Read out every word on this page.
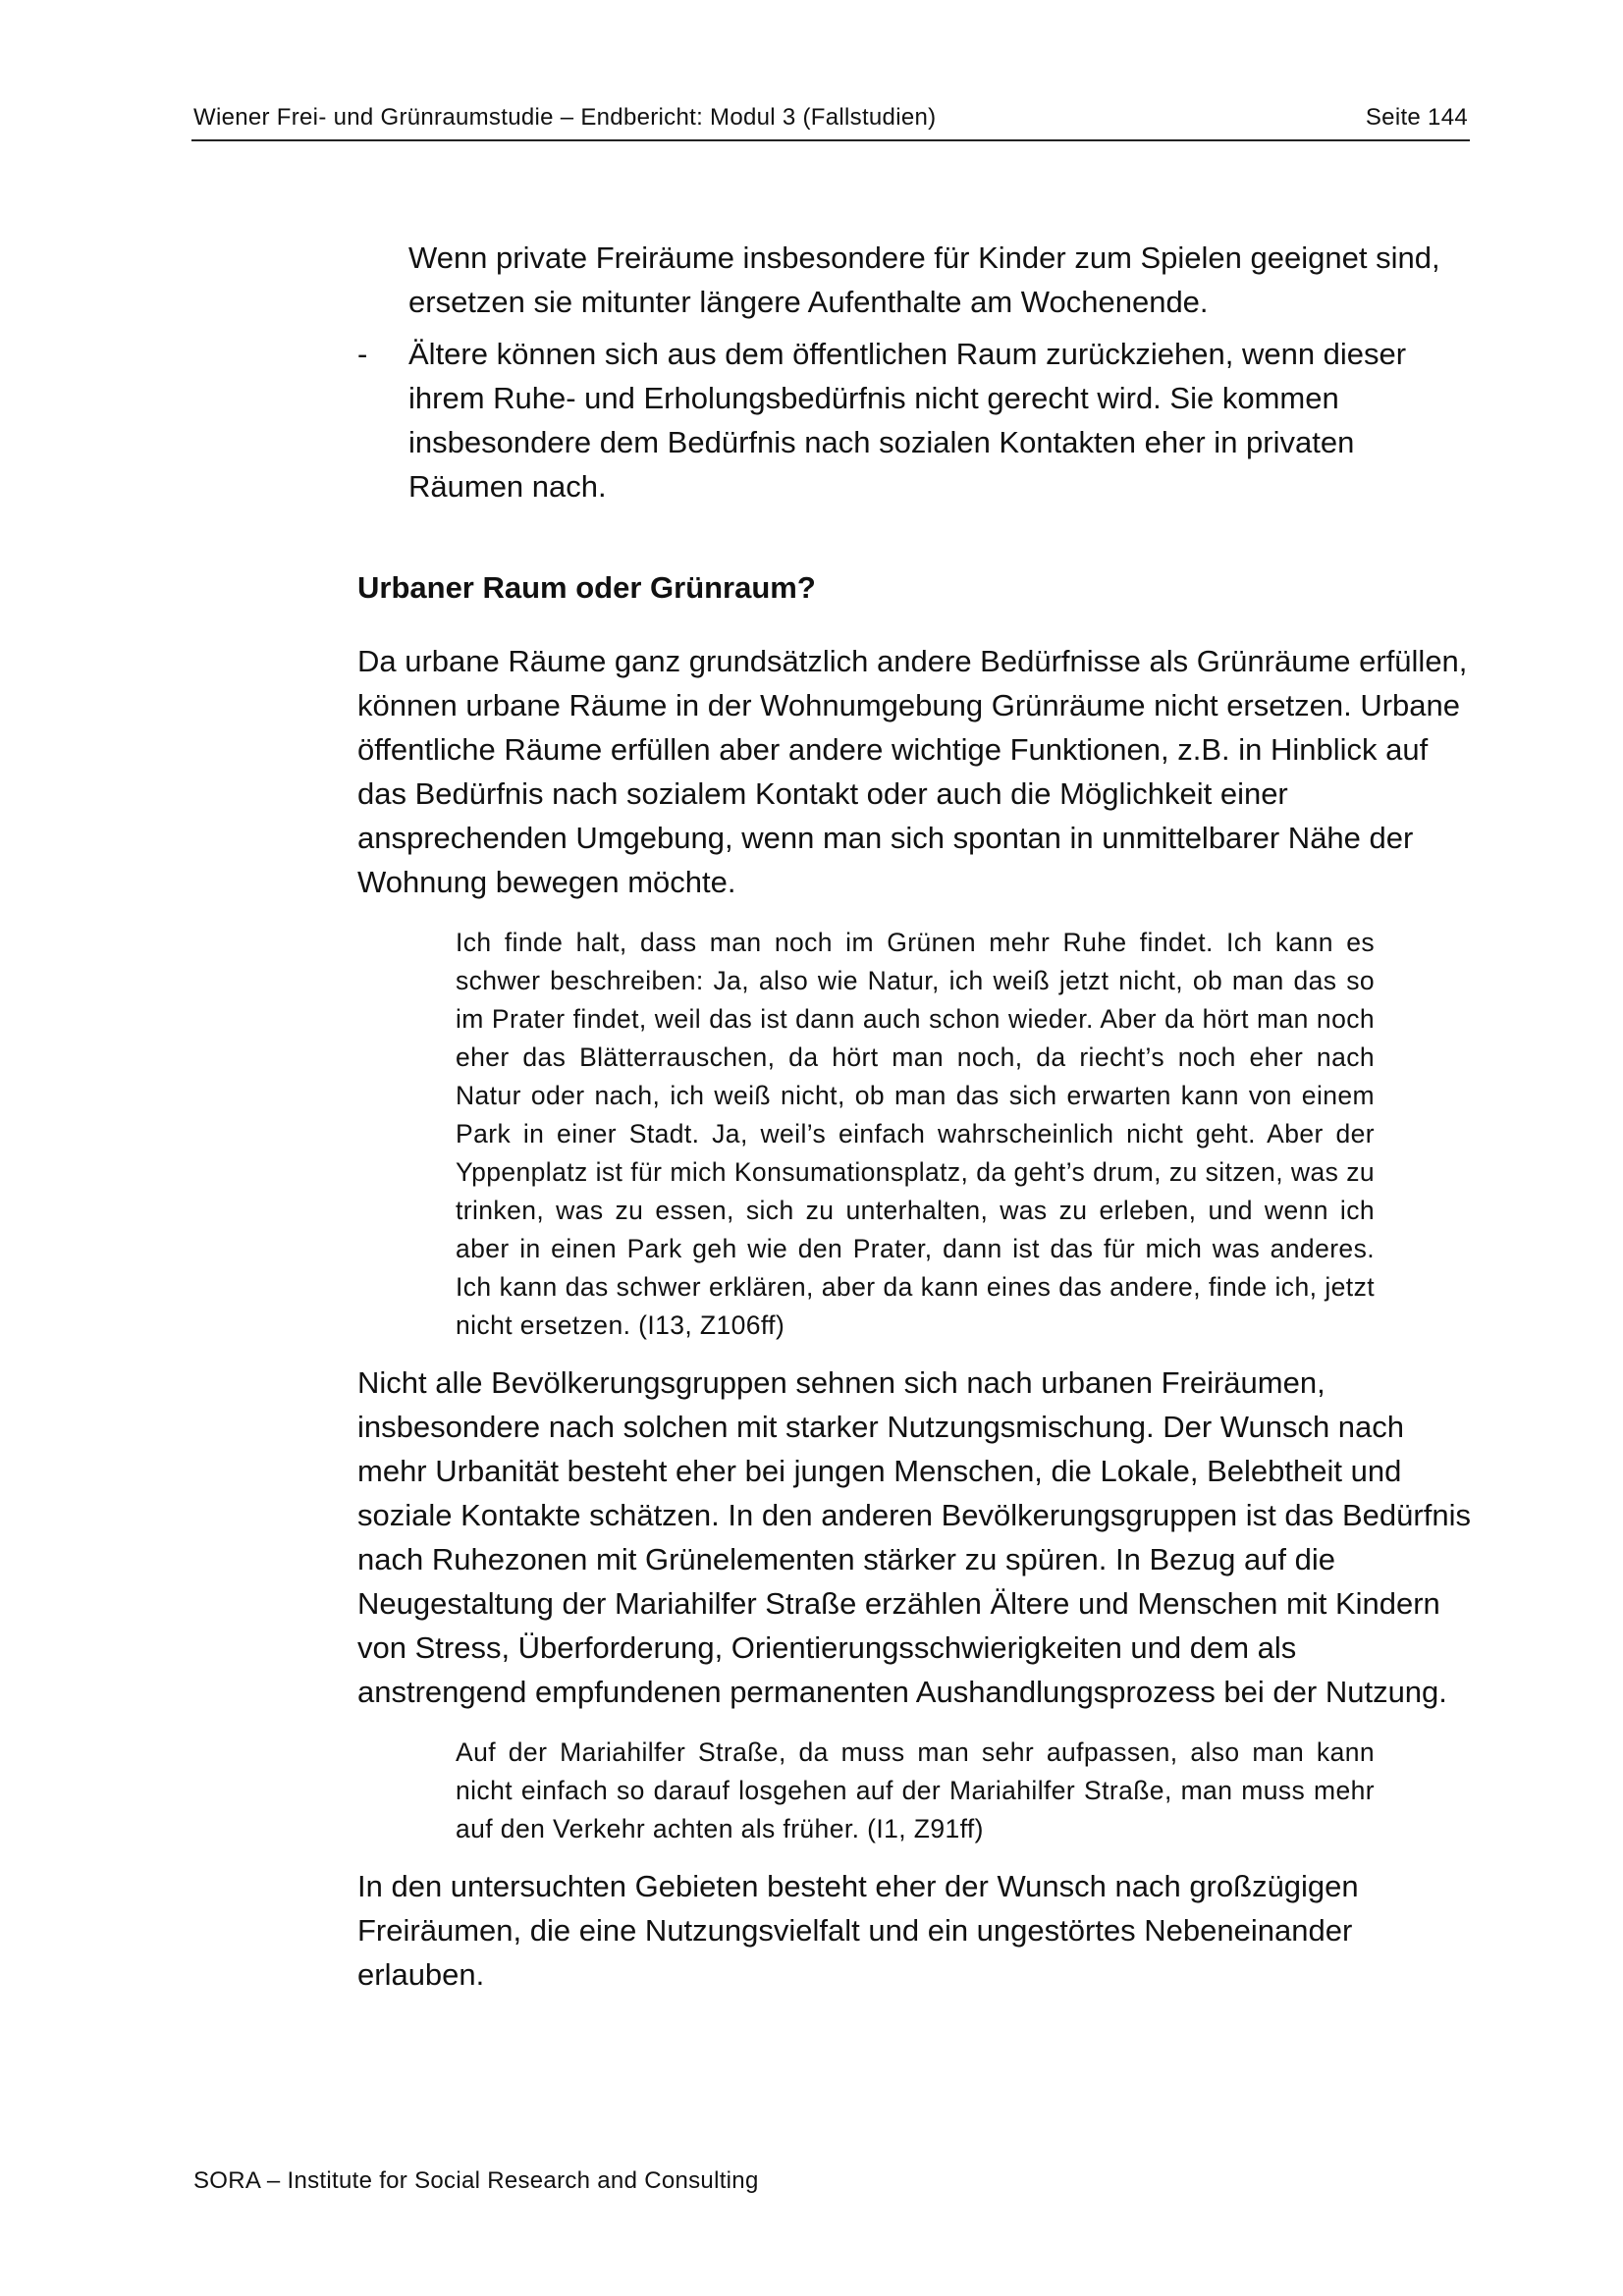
Wiener Frei- und Grünraumstudie – Endbericht: Modul 3 (Fallstudien)	Seite 144

Wenn private Freiräume insbesondere für Kinder zum Spielen geeignet sind, ersetzen sie mitunter längere Aufenthalte am Wochenende.

- Ältere können sich aus dem öffentlichen Raum zurückziehen, wenn dieser ihrem Ruhe- und Erholungsbedürfnis nicht gerecht wird. Sie kommen insbesondere dem Bedürfnis nach sozialen Kontakten eher in privaten Räumen nach.

Urbaner Raum oder Grünraum?

Da urbane Räume ganz grundsätzlich andere Bedürfnisse als Grünräume erfüllen, können urbane Räume in der Wohnumgebung Grünräume nicht ersetzen. Urbane öffentliche Räume erfüllen aber andere wichtige Funktionen, z.B. in Hinblick auf das Bedürfnis nach sozialem Kontakt oder auch die Möglichkeit einer ansprechenden Umgebung, wenn man sich spontan in unmittelbarer Nähe der Wohnung bewegen möchte.

Ich finde halt, dass man noch im Grünen mehr Ruhe findet. Ich kann es schwer beschreiben: Ja, also wie Natur, ich weiß jetzt nicht, ob man das so im Prater findet, weil das ist dann auch schon wieder. Aber da hört man noch eher das Blätterrauschen, da hört man noch, da riecht’s noch eher nach Natur oder nach, ich weiß nicht, ob man das sich erwarten kann von einem Park in einer Stadt. Ja, weil’s einfach wahrscheinlich nicht geht. Aber der Yppenplatz ist für mich Konsumationsplatz, da geht’s drum, zu sitzen, was zu trinken, was zu essen, sich zu unterhalten, was zu erleben, und wenn ich aber in einen Park geh wie den Prater, dann ist das für mich was anderes. Ich kann das schwer erklären, aber da kann eines das andere, finde ich, jetzt nicht ersetzen. (I13, Z106ff)

Nicht alle Bevölkerungsgruppen sehnen sich nach urbanen Freiräumen, insbesondere nach solchen mit starker Nutzungsmischung. Der Wunsch nach mehr Urbanität besteht eher bei jungen Menschen, die Lokale, Belebtheit und soziale Kontakte schätzen. In den anderen Bevölkerungsgruppen ist das Bedürfnis nach Ruhezonen mit Grünelementen stärker zu spüren. In Bezug auf die Neugestaltung der Mariahilfer Straße erzählen Ältere und Menschen mit Kindern von Stress, Überforderung, Orientierungsschwierigkeiten und dem als anstrengend empfundenen permanenten Aushandlungsprozess bei der Nutzung.

Auf der Mariahilfer Straße, da muss man sehr aufpassen, also man kann nicht einfach so darauf losgehen auf der Mariahilfer Straße, man muss mehr auf den Verkehr achten als früher. (I1, Z91ff)

In den untersuchten Gebieten besteht eher der Wunsch nach großzügigen Freiräumen, die eine Nutzungsvielfalt und ein ungestörtes Nebeneinander erlauben.

SORA – Institute for Social Research and Consulting
